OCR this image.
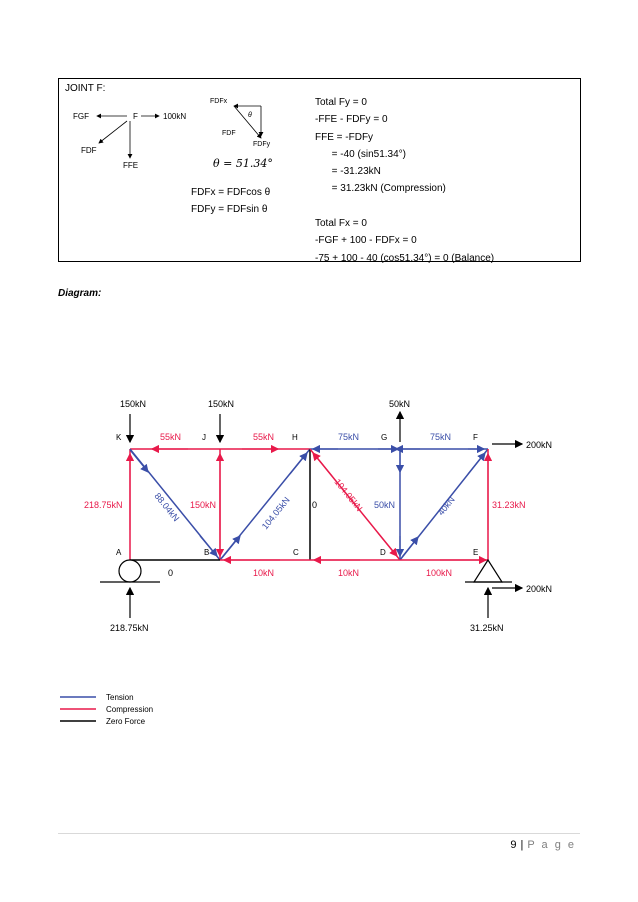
JOINT F:
FGF	F	100kN
FDF
FFE
FDFx
θ
FDF
FDFy
θ = 51.34°
FDFx = FDFcos θ
FDFy = FDFsin θ
Total Fy = 0
-FFE - FDFy = 0
FFE = -FDFy
= -40 (sin51.34°)
= -31.23kN
= 31.23kN (Compression)

Total Fx = 0
-FGF + 100 - FDFx = 0
-75 + 100 - 40 (cos51.34°) = 0 (Balance)
Diagram:
150kN	150kN	50kN
200kN
200kN
218.75kN	31.25kN
K	J	H	G	F
A	B	C	D	E
55kN	55kN	75kN	75kN
218.75kN	150kN	0	50kN	31.23kN
88.04kN	104.05kN	104.05kN	40kN
0	10kN	10kN	100kN
Tension
Compression
Zero Force
9 | P a g e
